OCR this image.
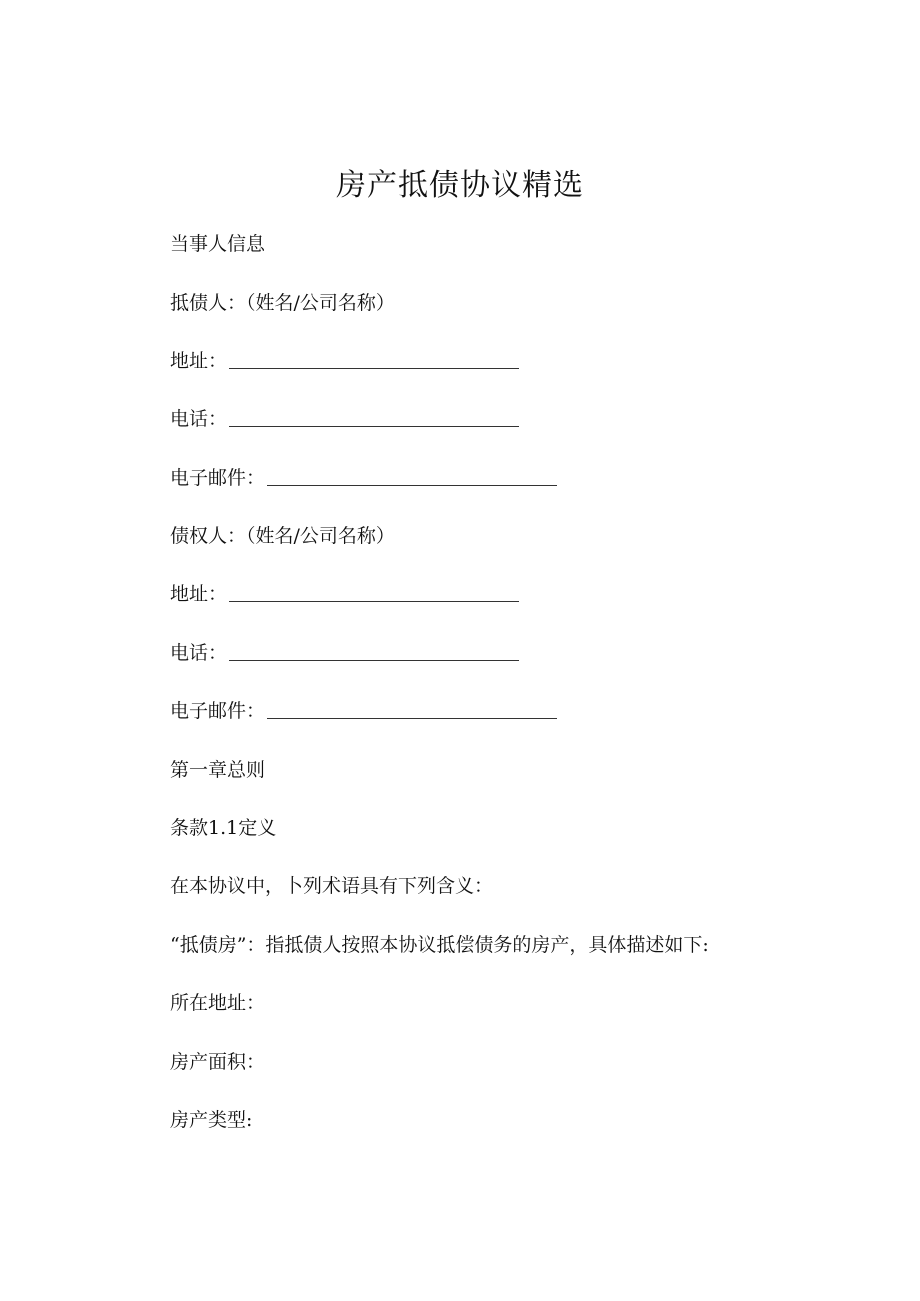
房产抵债协议精选
当事人信息
抵债人：（姓名/公司名称）
地址：
电话：
电子邮件：
债权人：（姓名/公司名称）
地址：
电话：
电子邮件：
第一章总则
条款1.1定义
在本协议中，卜列术语具有下列含义：
“抵债房”：指抵债人按照本协议抵偿债务的房产，具体描述如下:
所在地址：
房产面积：
房产类型:
